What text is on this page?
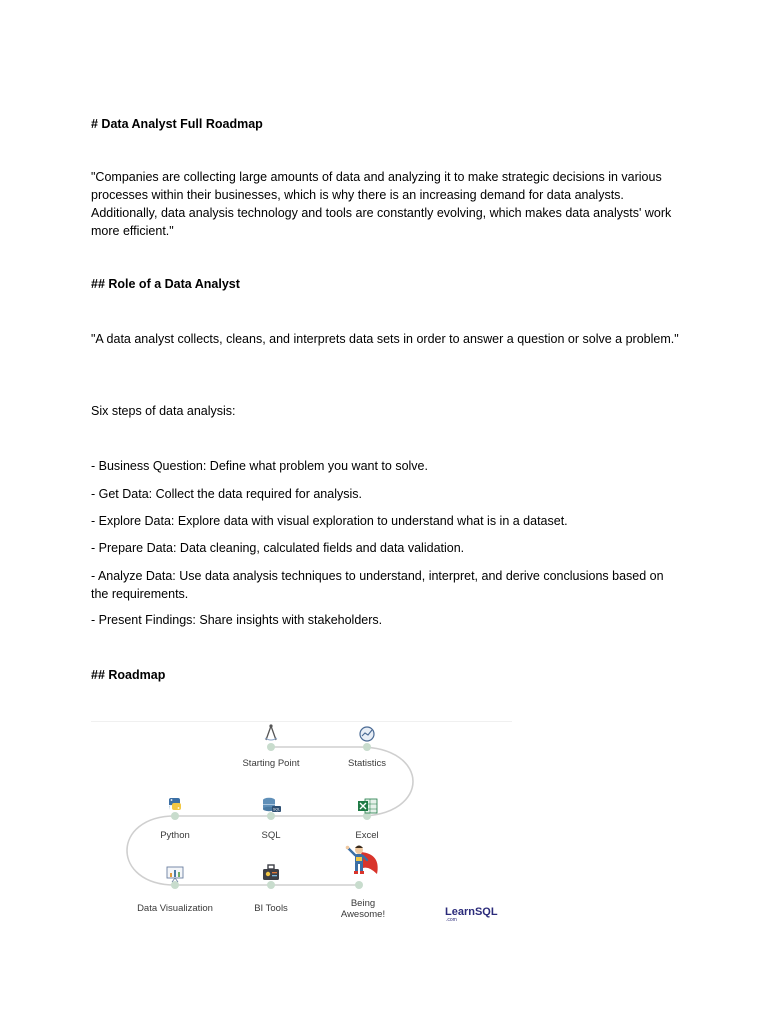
# Data Analyst Full Roadmap

"Companies are collecting large amounts of data and analyzing it to make strategic decisions in various processes within their businesses, which is why there is an increasing demand for data analysts. Additionally, data analysis technology and tools are constantly evolving, which makes data analysts' work more efficient."

## Role of a Data Analyst

"A data analyst collects, cleans, and interprets data sets in order to answer a question or solve a problem."

Six steps of data analysis:

- Business Question: Define what problem you want to solve.

- Get Data: Collect the data required for analysis.

- Explore Data: Explore data with visual exploration to understand what is in a dataset.

- Prepare Data: Data cleaning, calculated fields and data validation.

- Analyze Data: Use data analysis techniques to understand, interpret, and derive conclusions based on the requirements.

- Present Findings: Share insights with stakeholders.

## Roadmap

SQL
Starting Point	Statistics
Excel
SQL
Python
Data Visualization	BI Tools	Being
Awesome!	LearnSQL
.com
